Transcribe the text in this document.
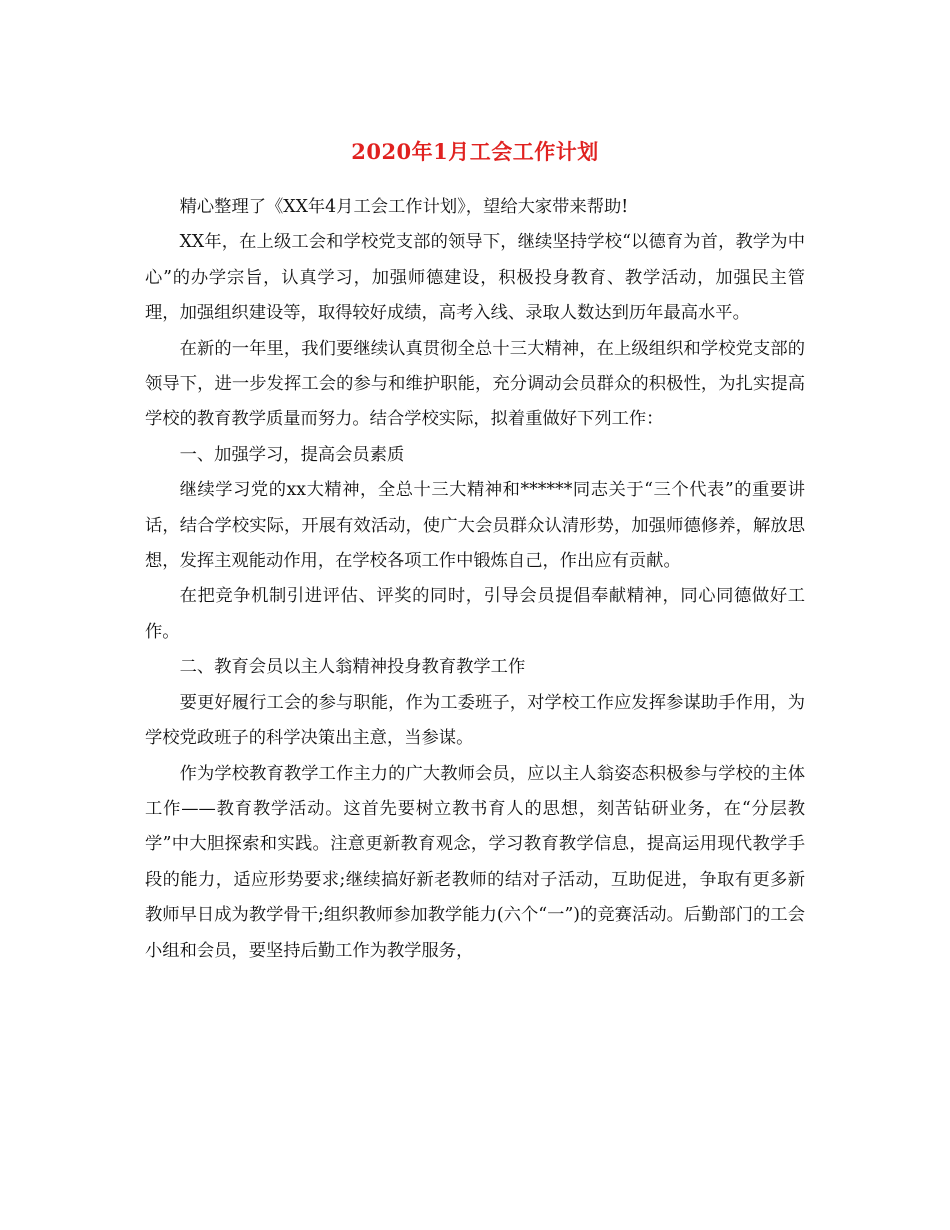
2020年1月工会工作计划

精心整理了《XX年4月工会工作计划》，望给大家带来帮助!

XX年，在上级工会和学校党支部的领导下，继续坚持学校“以德育为首，教学为中心”的办学宗旨，认真学习，加强师德建设，积极投身教育、教学活动，加强民主管理，加强组织建设等，取得较好成绩，高考入线、录取人数达到历年最高水平。

在新的一年里，我们要继续认真贯彻全总十三大精神，在上级组织和学校党支部的领导下，进一步发挥工会的参与和维护职能，充分调动会员群众的积极性，为扎实提高学校的教育教学质量而努力。结合学校实际，拟着重做好下列工作：

一、加强学习，提高会员素质

继续学习党的xx大精神，全总十三大精神和******同志关于“三个代表”的重要讲话，结合学校实际，开展有效活动，使广大会员群众认清形势，加强师德修养，解放思想，发挥主观能动作用，在学校各项工作中锻炼自己，作出应有贡献。

在把竞争机制引进评估、评奖的同时，引导会员提倡奉献精神，同心同德做好工作。

二、教育会员以主人翁精神投身教育教学工作

要更好履行工会的参与职能，作为工委班子，对学校工作应发挥参谋助手作用，为学校党政班子的科学决策出主意，当参谋。

作为学校教育教学工作主力的广大教师会员，应以主人翁姿态积极参与学校的主体工作——教育教学活动。这首先要树立教书育人的思想，刻苦钻研业务，在“分层教学”中大胆探索和实践。注意更新教育观念，学习教育教学信息，提高运用现代教学手段的能力，适应形势要求;继续搞好新老教师的结对子活动，互助促进，争取有更多新教师早日成为教学骨干;组织教师参加教学能力(六个“一”)的竞赛活动。后勤部门的工会小组和会员，要坚持后勤工作为教学服务，
